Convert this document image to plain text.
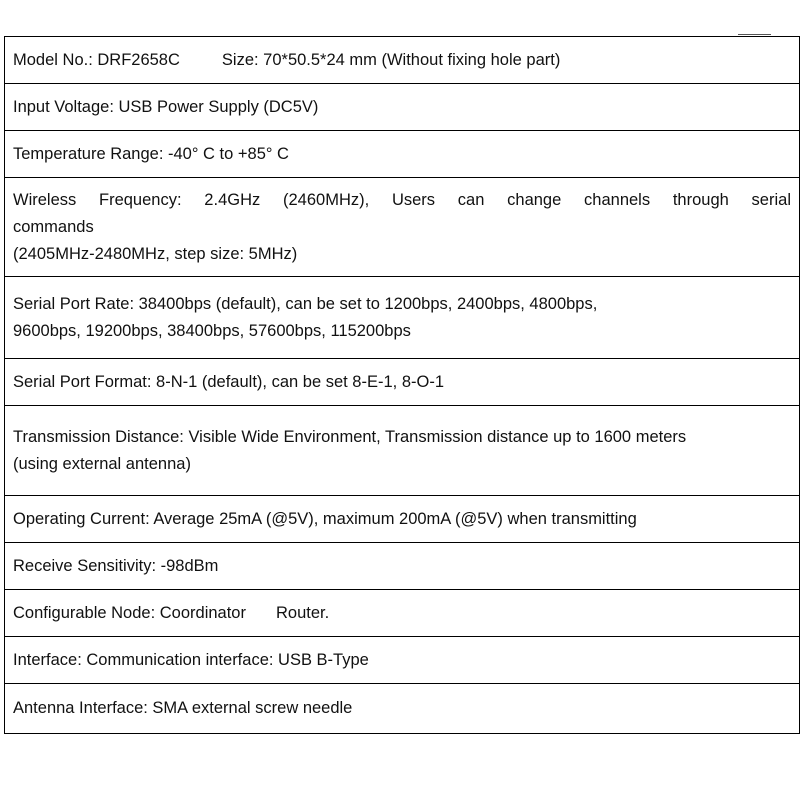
Model No.: DRF2658C	Size: 70*50.5*24 mm (Without fixing hole part)
Input Voltage: USB Power Supply (DC5V)
Temperature Range: -40° C to +85° C

Wireless Frequency: 2.4GHz (2460MHz), Users can change channels through serial
commands
(2405MHz-2480MHz, step size: 5MHz)

Serial Port Rate: 38400bps (default), can be set to 1200bps, 2400bps, 4800bps,
9600bps, 19200bps, 38400bps, 57600bps, 115200bps

Serial Port Format: 8-N-1 (default), can be set 8-E-1, 8-O-1

Transmission Distance: Visible Wide Environment, Transmission distance up to 1600 meters
(using external antenna)

Operating Current: Average 25mA (@5V), maximum 200mA (@5V) when transmitting
Receive Sensitivity: -98dBm
Configurable Node: Coordinator Router.
Interface: Communication interface: USB B-Type
Antenna Interface: SMA external screw needle
